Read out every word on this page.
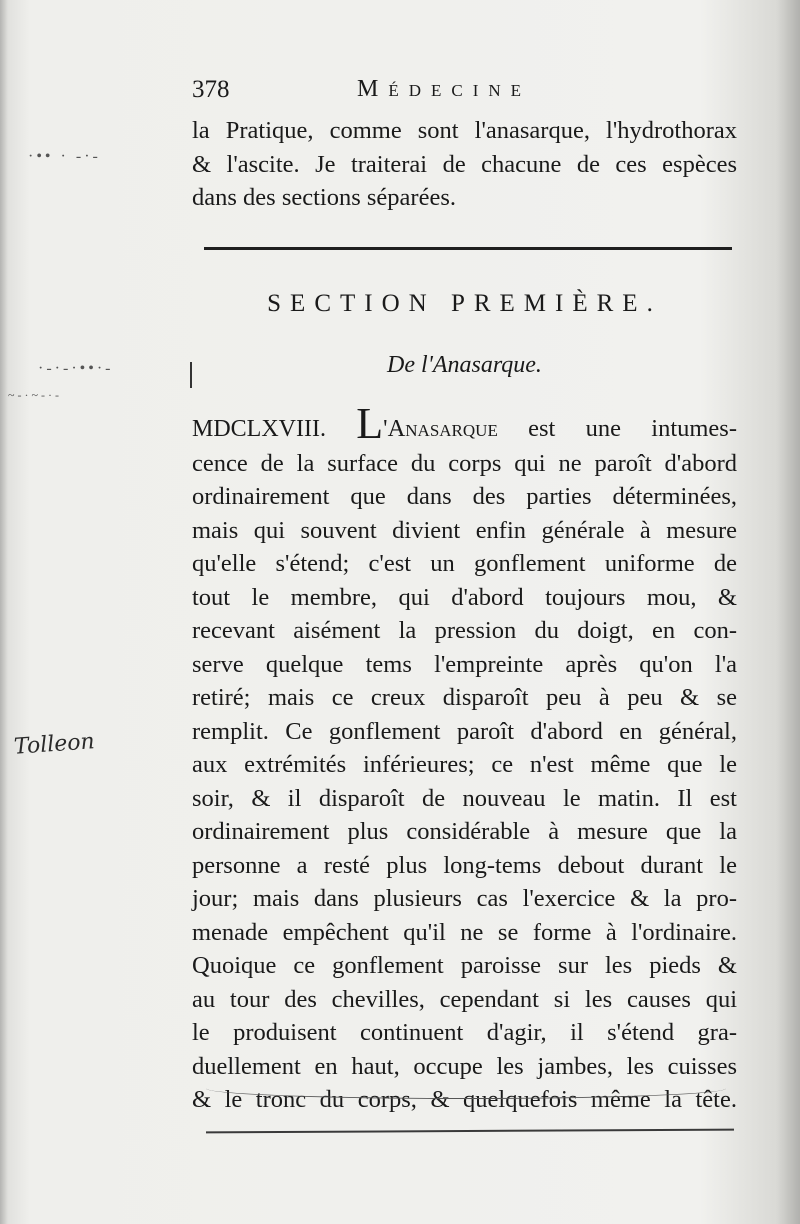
378	Médecine
la Pratique, comme sont l'anasarque, l'hydrothorax
& l'ascite. Je traiterai de chacune de ces espèces
dans des sections séparées.
SECTION PREMIÈRE.
De l'Anasarque.
MDCLXVIII. L'Anasarque est une intumes-
cence de la surface du corps qui ne paroît d'abord
ordinairement que dans des parties déterminées,
mais qui souvent divient enfin générale à mesure
qu'elle s'étend; c'est un gonflement uniforme de
tout le membre, qui d'abord toujours mou, &
recevant aisément la pression du doigt, en con-
serve quelque tems l'empreinte après qu'on l'a
retiré; mais ce creux disparoît peu à peu & se
remplit. Ce gonflement paroît d'abord en général,
aux extrémités inférieures; ce n'est même que le
soir, & il disparoît de nouveau le matin. Il est
ordinairement plus considérable à mesure que la
personne a resté plus long-tems debout durant le
jour; mais dans plusieurs cas l'exercice & la pro-
menade empêchent qu'il ne se forme à l'ordinaire.
Quoique ce gonflement paroisse sur les pieds &
au tour des chevilles, cependant si les causes qui
le produisent continuent d'agir, il s'étend gra-
duellement en haut, occupe les jambes, les cuisses
& le tronc du corps, & quelquefois même la tête.
Tolleon
·•• · -·-
·-·-·••·-
~-·~-·-
